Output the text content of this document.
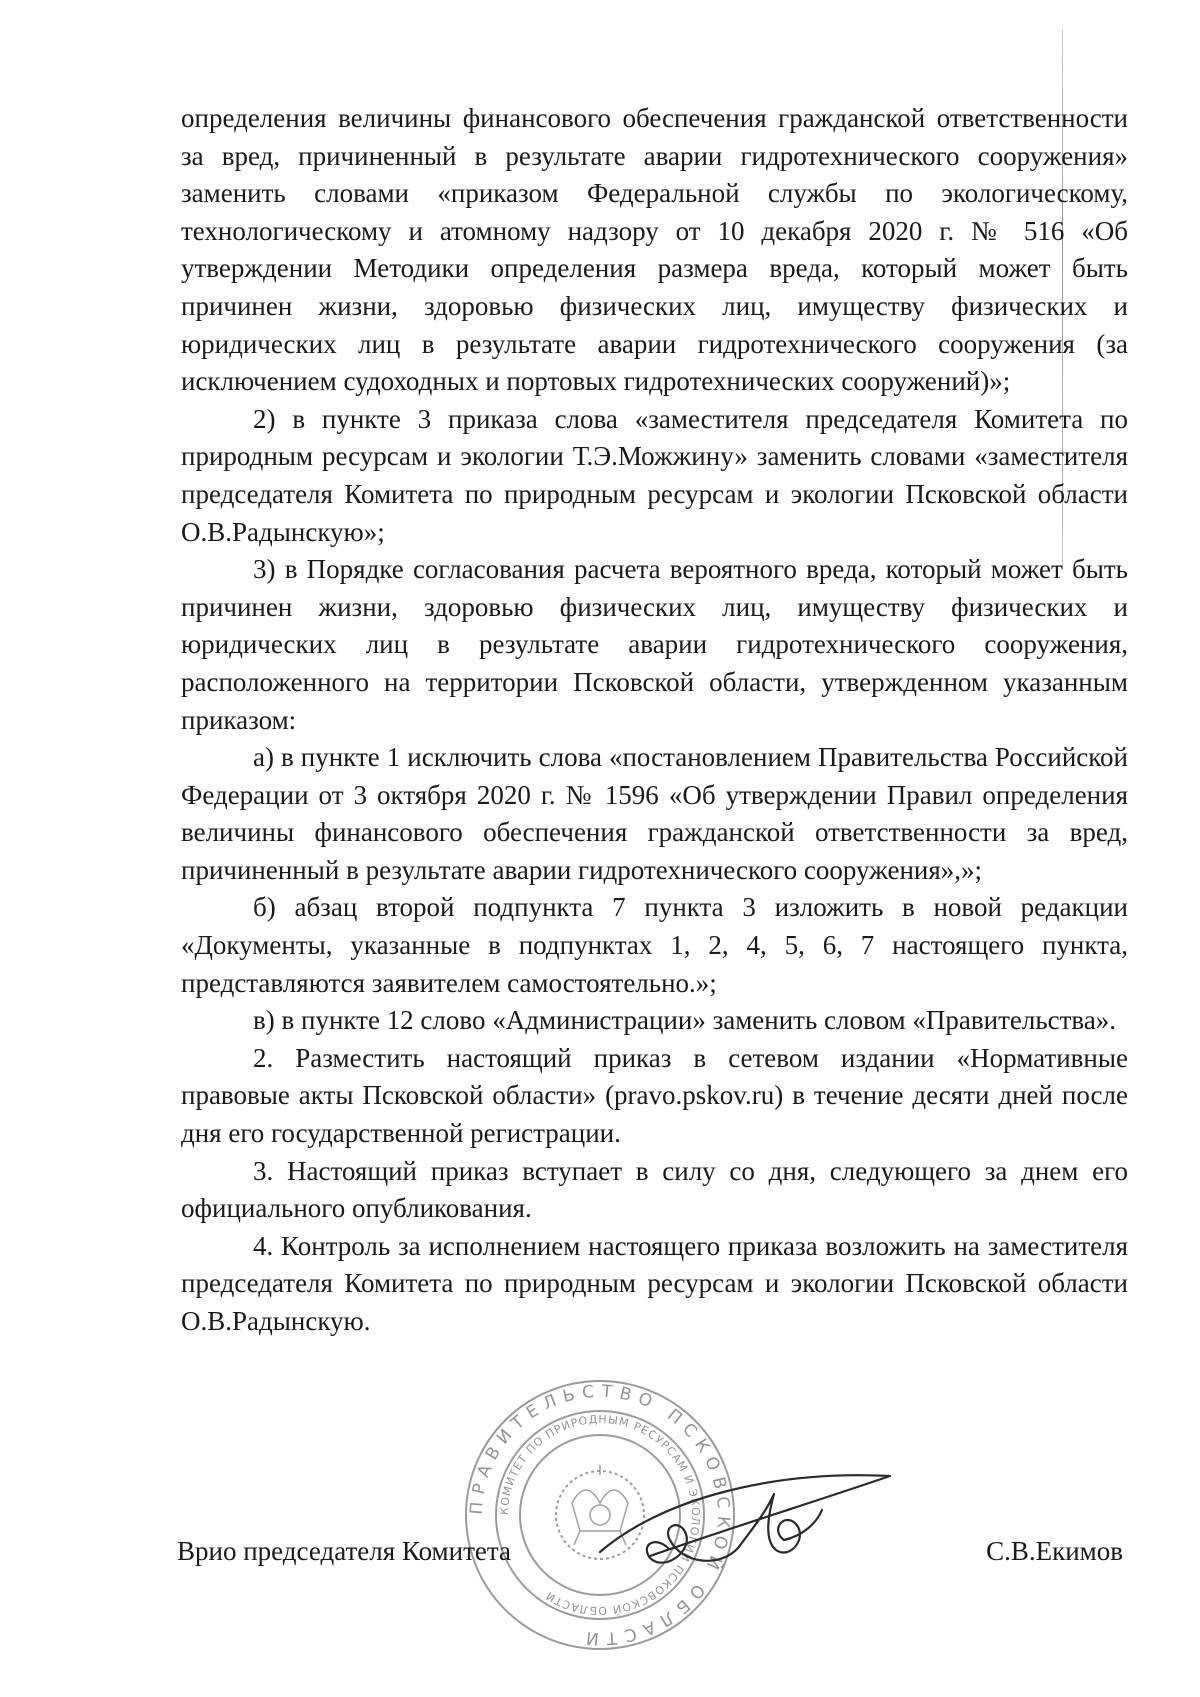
определения величины финансового обеспечения гражданской ответственности за вред, причиненный в результате аварии гидротехнического сооружения» заменить словами «приказом Федеральной службы по экологическому, технологическому и атомному надзору от 10 декабря 2020 г. № 516 «Об утверждении Методики определения размера вреда, который может быть причинен жизни, здоровью физических лиц, имуществу физических и юридических лиц в результате аварии гидротехнического сооружения (за исключением судоходных и портовых гидротехнических сооружений)»;

2) в пункте 3 приказа слова «заместителя председателя Комитета по природным ресурсам и экологии Т.Э.Можжину» заменить словами «заместителя председателя Комитета по природным ресурсам и экологии Псковской области О.В.Радынскую»;

3) в Порядке согласования расчета вероятного вреда, который может быть причинен жизни, здоровью физических лиц, имуществу физических и юридических лиц в результате аварии гидротехнического сооружения, расположенного на территории Псковской области, утвержденном указанным приказом:

а) в пункте 1 исключить слова «постановлением Правительства Российской Федерации от 3 октября 2020 г. № 1596 «Об утверждении Правил определения величины финансового обеспечения гражданской ответственности за вред, причиненный в результате аварии гидротехнического сооружения»,»;

б) абзац второй подпункта 7 пункта 3 изложить в новой редакции «Документы, указанные в подпунктах 1, 2, 4, 5, 6, 7 настоящего пункта, представляются заявителем самостоятельно.»;

в) в пункте 12 слово «Администрации» заменить словом «Правительства».

2. Разместить настоящий приказ в сетевом издании «Нормативные правовые акты Псковской области» (pravo.pskov.ru) в течение десяти дней после дня его государственной регистрации.

3. Настоящий приказ вступает в силу со дня, следующего за днем его официального опубликования.

4. Контроль за исполнением настоящего приказа возложить на заместителя председателя Комитета по природным ресурсам и экологии Псковской области О.В.Радынскую.

ПРАВИТЕЛЬСТВО ПСКОВСКОЙ ОБЛАСТИ
КОМИТЕТ ПО ПРИРОДНЫМ РЕСУРСАМ И ЭКОЛОГИИ ПСКОВСКОЙ ОБЛАСТИ
Врио председателя Комитета	С.В.Екимов
